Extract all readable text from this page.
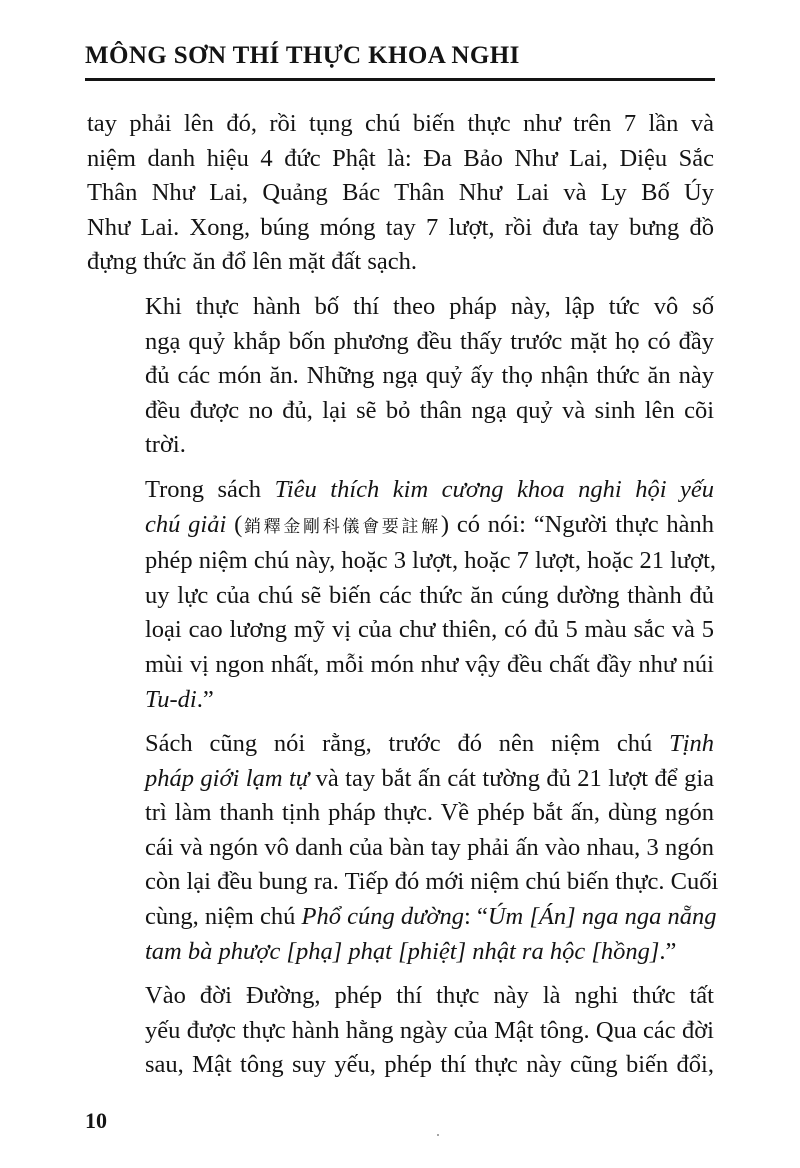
MÔNG SƠN THÍ THỰC KHOA NGHI

tay phải lên đó, rồi tụng chú biến thực như trên 7 lần và
niệm danh hiệu 4 đức Phật là: Đa Bảo Như Lai, Diệu Sắc
Thân Như Lai, Quảng Bác Thân Như Lai và Ly Bố Úy
Như Lai. Xong, búng móng tay 7 lượt, rồi đưa tay bưng đồ
đựng thức ăn đổ lên mặt đất sạch.

Khi thực hành bố thí theo pháp này, lập tức vô số
ngạ quỷ khắp bốn phương đều thấy trước mặt họ có đầy
đủ các món ăn. Những ngạ quỷ ấy thọ nhận thức ăn này
đều được no đủ, lại sẽ bỏ thân ngạ quỷ và sinh lên cõi
trời.

Trong sách Tiêu thích kim cương khoa nghi hội yếu
chú giải (銷釋金剛科儀會要註解) có nói: “Người thực hành
phép niệm chú này, hoặc 3 lượt, hoặc 7 lượt, hoặc 21 lượt,
uy lực của chú sẽ biến các thức ăn cúng dường thành đủ
loại cao lương mỹ vị của chư thiên, có đủ 5 màu sắc và 5
mùi vị ngon nhất, mỗi món như vậy đều chất đầy như núi
Tu-di.”

Sách cũng nói rằng, trước đó nên niệm chú Tịnh
pháp giới lạm tự và tay bắt ấn cát tường đủ 21 lượt để gia
trì làm thanh tịnh pháp thực. Về phép bắt ấn, dùng ngón
cái và ngón vô danh của bàn tay phải ấn vào nhau, 3 ngón
còn lại đều bung ra. Tiếp đó mới niệm chú biến thực. Cuối
cùng, niệm chú Phổ cúng dường: “Úm [Án] nga nga nẵng
tam bà phược [phạ] phạt [phiệt] nhật ra hộc [hồng].”

Vào đời Đường, phép thí thực này là nghi thức tất
yếu được thực hành hằng ngày của Mật tông. Qua các đời
sau, Mật tông suy yếu, phép thí thực này cũng biến đổi,

10
